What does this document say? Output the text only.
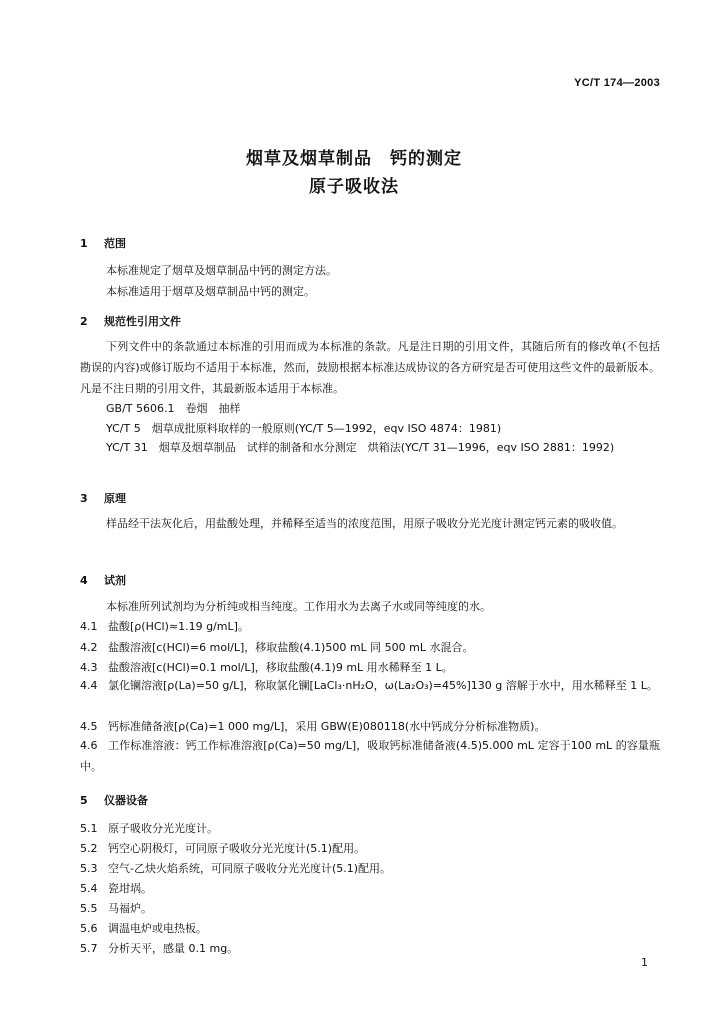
YC/T 174—2003
烟草及烟草制品　钙的测定
原子吸收法
1 范围
本标准规定了烟草及烟草制品中钙的测定方法。
本标准适用于烟草及烟草制品中钙的测定。
2 规范性引用文件
下列文件中的条款通过本标准的引用而成为本标准的条款。凡是注日期的引用文件，其随后所有的修改单(不包括勘误的内容)或修订版均不适用于本标准，然而，鼓励根据本标准达成协议的各方研究是否可使用这些文件的最新版本。凡是不注日期的引用文件，其最新版本适用于本标准。
GB/T 5606.1　卷烟　抽样
YC/T 5　烟草成批原料取样的一般原则(YC/T 5—1992，eqv ISO 4874：1981)
YC/T 31　烟草及烟草制品　试样的制备和水分测定　烘箱法(YC/T 31—1996，eqv ISO 2881：1992)
3 原理
样品经干法灰化后，用盐酸处理，并稀释至适当的浓度范围，用原子吸收分光光度计测定钙元素的吸收值。
4 试剂
本标准所列试剂均为分析纯或相当纯度。工作用水为去离子水或同等纯度的水。
4.1 盐酸[ρ(HCl)≈1.19 g/mL]。
4.2 盐酸溶液[c(HCl)=6 mol/L]，移取盐酸(4.1)500 mL 同 500 mL 水混合。
4.3 盐酸溶液[c(HCl)=0.1 mol/L]，移取盐酸(4.1)9 mL 用水稀释至 1 L。
4.4 氯化镧溶液[ρ(La)=50 g/L]，称取氯化镧[LaCl₃·nH₂O，ω(La₂O₃)=45%]130 g 溶解于水中，用水稀释至 1 L。
4.5 钙标准储备液[ρ(Ca)=1 000 mg/L]，采用 GBW(E)080118(水中钙成分分析标准物质)。
4.6 工作标准溶液：钙工作标准溶液[ρ(Ca)=50 mg/L]，吸取钙标准储备液(4.5)5.000 mL 定容于100 mL 的容量瓶中。
5 仪器设备
5.1 原子吸收分光光度计。
5.2 钙空心阴极灯，可同原子吸收分光光度计(5.1)配用。
5.3 空气-乙炔火焰系统，可同原子吸收分光光度计(5.1)配用。
5.4 瓷坩埚。
5.5 马福炉。
5.6 调温电炉或电热板。
5.7 分析天平，感量 0.1 mg。
1
